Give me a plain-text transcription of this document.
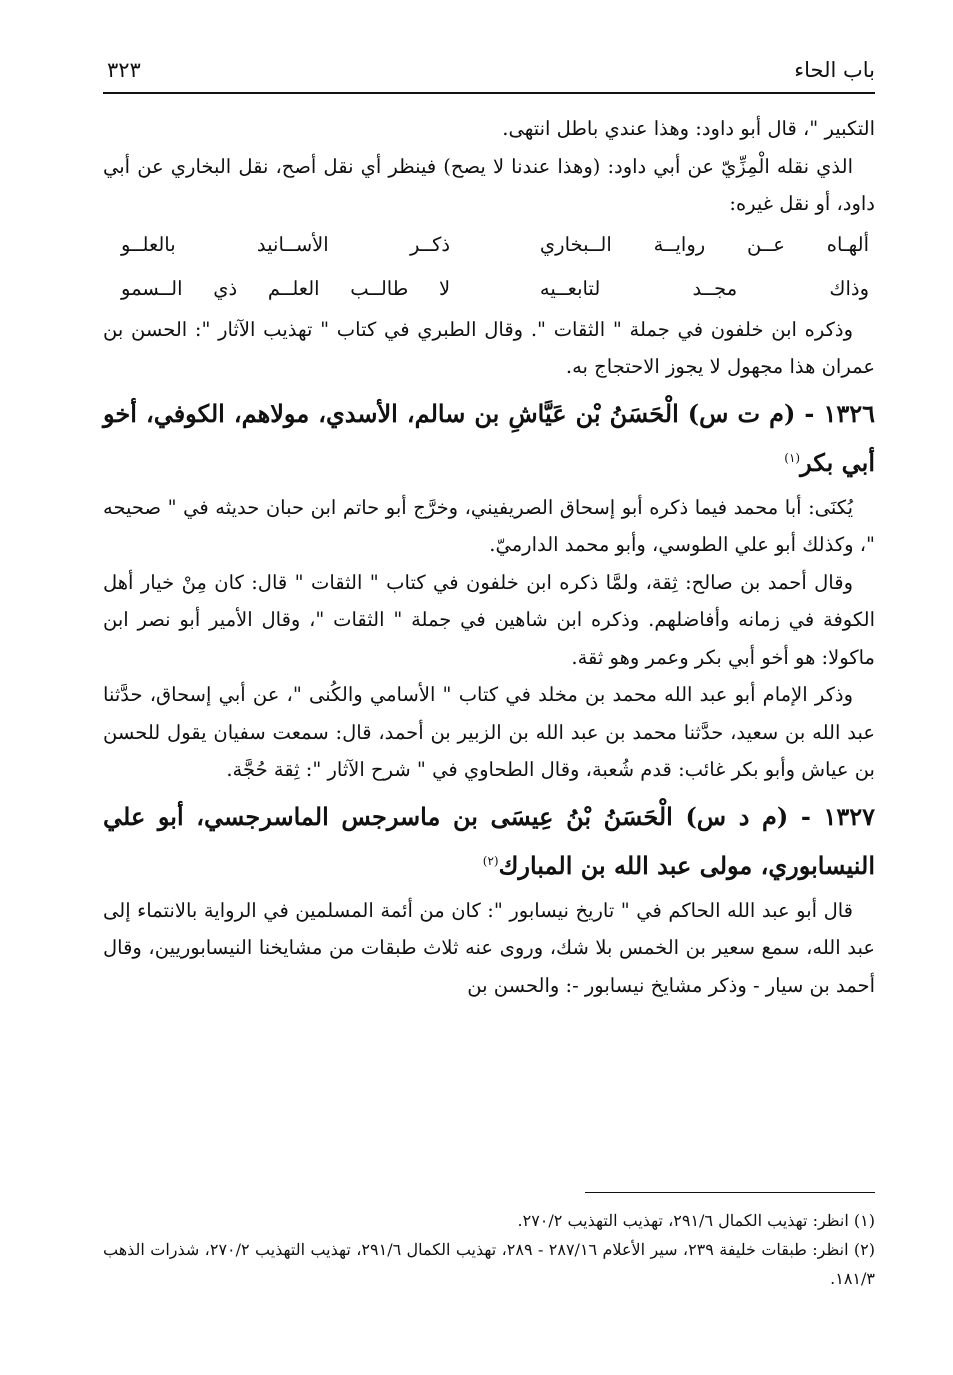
باب الحاء
٣٢٣

التكبير "، قال أبو داود: وهذا عندي باطل انتهى.

الذي نقله الْمِزِّيّ عن أبي داود: (وهذا عندنا لا يصح) فينظر أي نقل أصح، نقل البخاري عن أبي داود، أو نقل غيره:

ألهـاه عــن روايــة الــبخاري
ذكــر الأســانيد بالعلــو
وذاك مجــد لتابعــيه
لا طالــب العلــم ذي الــسمو

وذكره ابن خلفون في جملة " الثقات ". وقال الطبري في كتاب " تهذيب الآثار ": الحسن بن عمران هذا مجهول لا يجوز الاحتجاج به.

١٣٢٦ - (م ت س) الْحَسَنُ بْن عَيَّاشِ بن سالم، الأسدي، مولاهم، الكوفي، أخو أبي بكر$^{(١)}$

يُكنَى: أبا محمد فيما ذكره أبو إسحاق الصريفيني، وخرَّج أبو حاتم ابن حبان حديثه في " صحيحه "، وكذلك أبو علي الطوسي، وأبو محمد الدارميّ.

وقال أحمد بن صالح: ثِقة، ولمَّا ذكره ابن خلفون في كتاب " الثقات " قال: كان مِنْ خيار أهل الكوفة في زمانه وأفاضلهم. وذكره ابن شاهين في جملة " الثقات "، وقال الأمير أبو نصر ابن ماكولا: هو أخو أبي بكر وعمر وهو ثقة.

وذكر الإمام أبو عبد الله محمد بن مخلد في كتاب " الأسامي والكُنى "، عن أبي إسحاق، حدَّثنا عبد الله بن سعيد، حدَّثنا محمد بن عبد الله بن الزبير بن أحمد، قال: سمعت سفيان يقول للحسن بن عياش وأبو بكر غائب: قدم شُعبة، وقال الطحاوي في " شرح الآثار ": ثِقة حُجَّة.

١٣٢٧ - (م د س) الْحَسَنُ بْنُ عِيسَى بن ماسرجس الماسرجسي، أبو علي النيسابوري، مولى عبد الله بن المبارك$^{(٢)}$

قال أبو عبد الله الحاكم في " تاريخ نيسابور ": كان من أئمة المسلمين في الرواية بالانتماء إلى عبد الله، سمع سعير بن الخمس بلا شك، وروى عنه ثلاث طبقات من مشايخنا النيسابوريين، وقال أحمد بن سيار - وذكر مشايخ نيسابور -: والحسن بن

(١) انظر: تهذيب الكمال ٢٩١/٦، تهذيب التهذيب ٢٧٠/٢.

(٢) انظر: طبقات خليفة ٢٣٩، سير الأعلام ٢٨٧/١٦ - ٢٨٩، تهذيب الكمال ٢٩١/٦، تهذيب التهذيب ٢٧٠/٢، شذرات الذهب ١٨١/٣.
